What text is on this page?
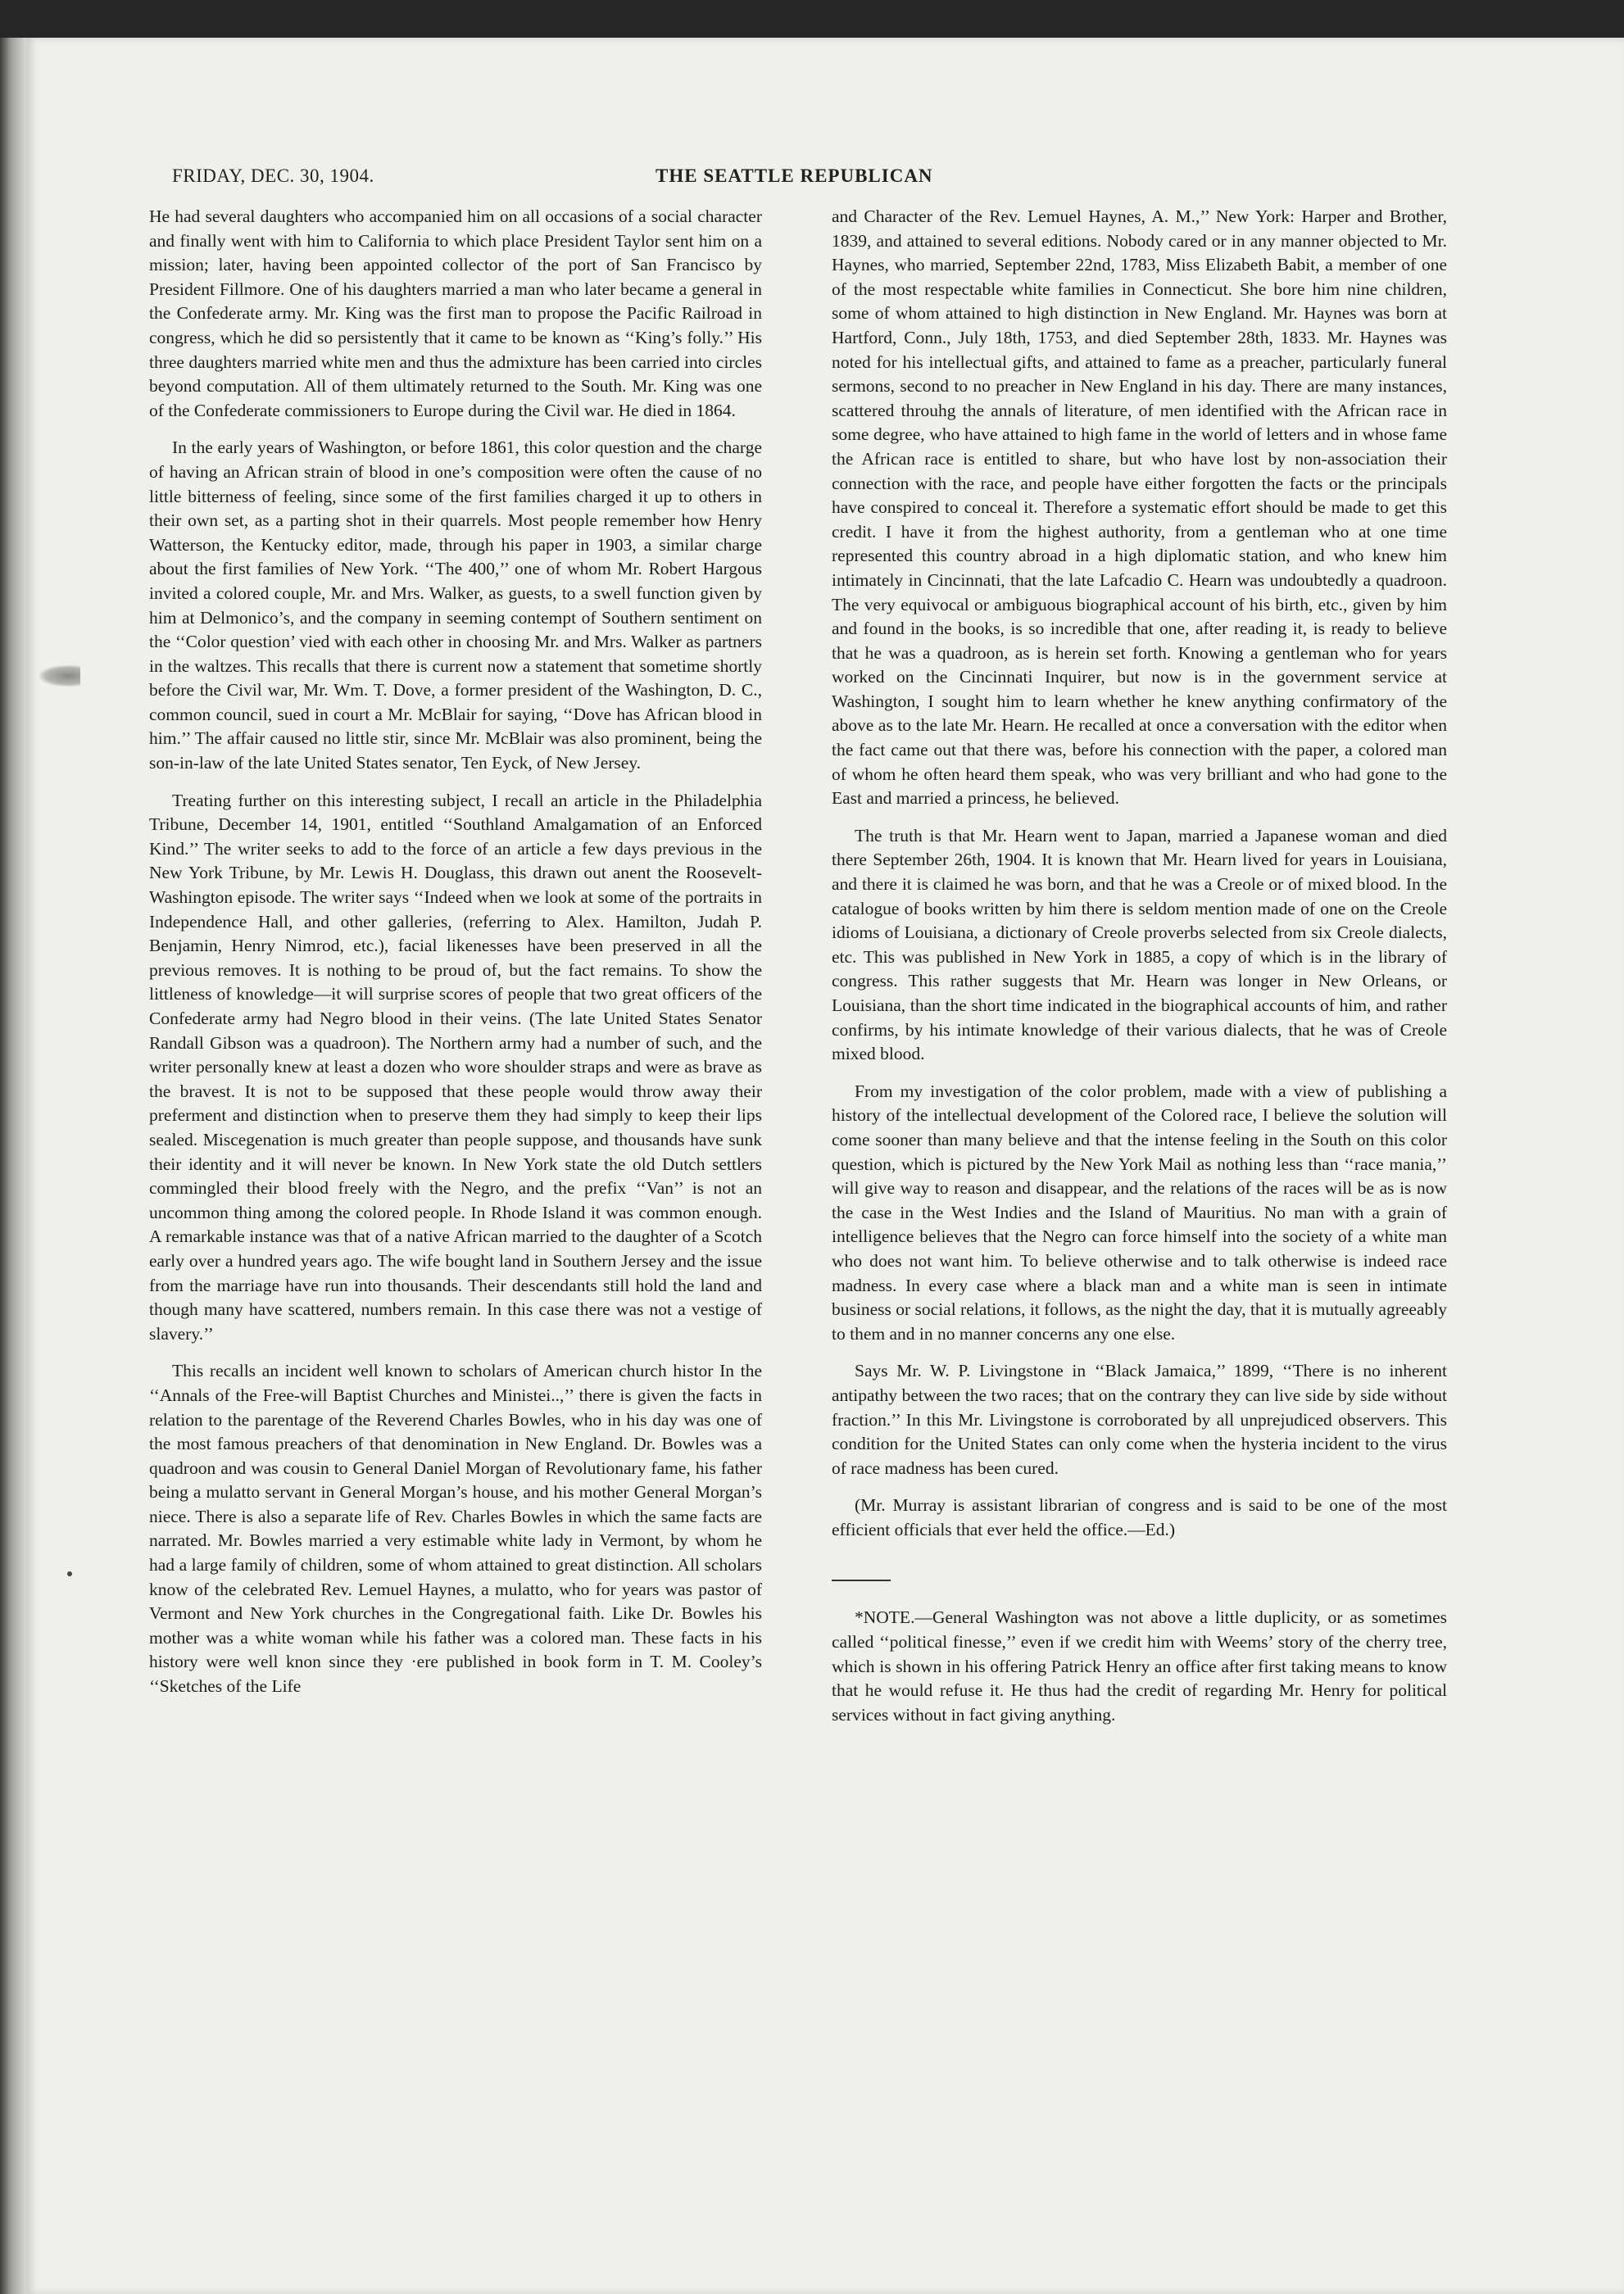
FRIDAY, DEC. 30, 1904.	THE SEATTLE REPUBLICAN

He had several daughters who accompanied him on all occasions of a social character and finally went with him to California to which place President Taylor sent him on a mission; later, having been appointed collector of the port of San Francisco by President Fillmore. One of his daughters married a man who later became a general in the Confederate army. Mr. King was the first man to propose the Pacific Railroad in congress, which he did so persistently that it came to be known as ‘‘King’s folly.’’ His three daughters married white men and thus the admixture has been carried into circles beyond computation. All of them ultimately returned to the South. Mr. King was one of the Confederate commissioners to Europe during the Civil war. He died in 1864.

In the early years of Washington, or before 1861, this color question and the charge of having an African strain of blood in one’s composition were often the cause of no little bitterness of feeling, since some of the first families charged it up to others in their own set, as a parting shot in their quarrels. Most people remember how Henry Watterson, the Kentucky editor, made, through his paper in 1903, a similar charge about the first families of New York. ‘‘The 400,’’ one of whom Mr. Robert Hargous invited a colored couple, Mr. and Mrs. Walker, as guests, to a swell function given by him at Delmonico’s, and the company in seeming contempt of Southern sentiment on the ‘‘Color question’ vied with each other in choosing Mr. and Mrs. Walker as partners in the waltzes. This recalls that there is current now a statement that sometime shortly before the Civil war, Mr. Wm. T. Dove, a former president of the Washington, D. C., common council, sued in court a Mr. McBlair for saying, ‘‘Dove has African blood in him.’’ The affair caused no little stir, since Mr. McBlair was also prominent, being the son-in-law of the late United States senator, Ten Eyck, of New Jersey.

Treating further on this interesting subject, I recall an article in the Philadelphia Tribune, December 14, 1901, entitled ‘‘Southland Amalgamation of an Enforced Kind.’’ The writer seeks to add to the force of an article a few days previous in the New York Tribune, by Mr. Lewis H. Douglass, this drawn out anent the Roosevelt-Washington episode. The writer says ‘‘Indeed when we look at some of the portraits in Independence Hall, and other galleries, (referring to Alex. Hamilton, Judah P. Benjamin, Henry Nimrod, etc.), facial likenesses have been preserved in all the previous removes. It is nothing to be proud of, but the fact remains. To show the littleness of knowledge—it will surprise scores of people that two great officers of the Confederate army had Negro blood in their veins. (The late United States Senator Randall Gibson was a quadroon). The Northern army had a number of such, and the writer personally knew at least a dozen who wore shoulder straps and were as brave as the bravest. It is not to be supposed that these people would throw away their preferment and distinction when to preserve them they had simply to keep their lips sealed. Miscegenation is much greater than people suppose, and thousands have sunk their identity and it will never be known. In New York state the old Dutch settlers commingled their blood freely with the Negro, and the prefix ‘‘Van’’ is not an uncommon thing among the colored people. In Rhode Island it was common enough. A remarkable instance was that of a native African married to the daughter of a Scotch early over a hundred years ago. The wife bought land in Southern Jersey and the issue from the marriage have run into thousands. Their descendants still hold the land and though many have scattered, numbers remain. In this case there was not a vestige of slavery.’’

This recalls an incident well known to scholars of American church histor In the ‘‘Annals of the Free-will Baptist Churches and Ministei..,’’ there is given the facts in relation to the parentage of the Reverend Charles Bowles, who in his day was one of the most famous preachers of that denomination in New England. Dr. Bowles was a quadroon and was cousin to General Daniel Morgan of Revolutionary fame, his father being a mulatto servant in General Morgan’s house, and his mother General Morgan’s niece. There is also a separate life of Rev. Charles Bowles in which the same facts are narrated. Mr. Bowles married a very estimable white lady in Vermont, by whom he had a large family of children, some of whom attained to great distinction. All scholars know of the celebrated Rev. Lemuel Haynes, a mulatto, who for years was pastor of Vermont and New York churches in the Congregational faith. Like Dr. Bowles his mother was a white woman while his father was a colored man. These facts in his history were well knon since they ·ere published in book form in T. M. Cooley’s ‘‘Sketches of the Life

and Character of the Rev. Lemuel Haynes, A. M.,’’ New York: Harper and Brother, 1839, and attained to several editions. Nobody cared or in any manner objected to Mr. Haynes, who married, September 22nd, 1783, Miss Elizabeth Babit, a member of one of the most respectable white families in Connecticut. She bore him nine children, some of whom attained to high distinction in New England. Mr. Haynes was born at Hartford, Conn., July 18th, 1753, and died September 28th, 1833. Mr. Haynes was noted for his intellectual gifts, and attained to fame as a preacher, particularly funeral sermons, second to no preacher in New England in his day. There are many instances, scattered throuhg the annals of literature, of men identified with the African race in some degree, who have attained to high fame in the world of letters and in whose fame the African race is entitled to share, but who have lost by non-association their connection with the race, and people have either forgotten the facts or the principals have conspired to conceal it. Therefore a systematic effort should be made to get this credit. I have it from the highest authority, from a gentleman who at one time represented this country abroad in a high diplomatic station, and who knew him intimately in Cincinnati, that the late Lafcadio C. Hearn was undoubtedly a quadroon. The very equivocal or ambiguous biographical account of his birth, etc., given by him and found in the books, is so incredible that one, after reading it, is ready to believe that he was a quadroon, as is herein set forth. Knowing a gentleman who for years worked on the Cincinnati Inquirer, but now is in the government service at Washington, I sought him to learn whether he knew anything confirmatory of the above as to the late Mr. Hearn. He recalled at once a conversation with the editor when the fact came out that there was, before his connection with the paper, a colored man of whom he often heard them speak, who was very brilliant and who had gone to the East and married a princess, he believed.

The truth is that Mr. Hearn went to Japan, married a Japanese woman and died there September 26th, 1904. It is known that Mr. Hearn lived for years in Louisiana, and there it is claimed he was born, and that he was a Creole or of mixed blood. In the catalogue of books written by him there is seldom mention made of one on the Creole idioms of Louisiana, a dictionary of Creole proverbs selected from six Creole dialects, etc. This was published in New York in 1885, a copy of which is in the library of congress. This rather suggests that Mr. Hearn was longer in New Orleans, or Louisiana, than the short time indicated in the biographical accounts of him, and rather confirms, by his intimate knowledge of their various dialects, that he was of Creole mixed blood.

From my investigation of the color problem, made with a view of publishing a history of the intellectual development of the Colored race, I believe the solution will come sooner than many believe and that the intense feeling in the South on this color question, which is pictured by the New York Mail as nothing less than ‘‘race mania,’’ will give way to reason and disappear, and the relations of the races will be as is now the case in the West Indies and the Island of Mauritius. No man with a grain of intelligence believes that the Negro can force himself into the society of a white man who does not want him. To believe otherwise and to talk otherwise is indeed race madness. In every case where a black man and a white man is seen in intimate business or social relations, it follows, as the night the day, that it is mutually agreeably to them and in no manner concerns any one else.

Says Mr. W. P. Livingstone in ‘‘Black Jamaica,’’ 1899, ‘‘There is no inherent antipathy between the two races; that on the contrary they can live side by side without fraction.’’ In this Mr. Livingstone is corroborated by all unprejudiced observers. This condition for the United States can only come when the hysteria incident to the virus of race madness has been cured.

(Mr. Murray is assistant librarian of congress and is said to be one of the most efficient officials that ever held the office.—Ed.)

*NOTE.—General Washington was not above a little duplicity, or as sometimes called ‘‘political finesse,’’ even if we credit him with Weems’ story of the cherry tree, which is shown in his offering Patrick Henry an office after first taking means to know that he would refuse it. He thus had the credit of regarding Mr. Henry for political services without in fact giving anything.
